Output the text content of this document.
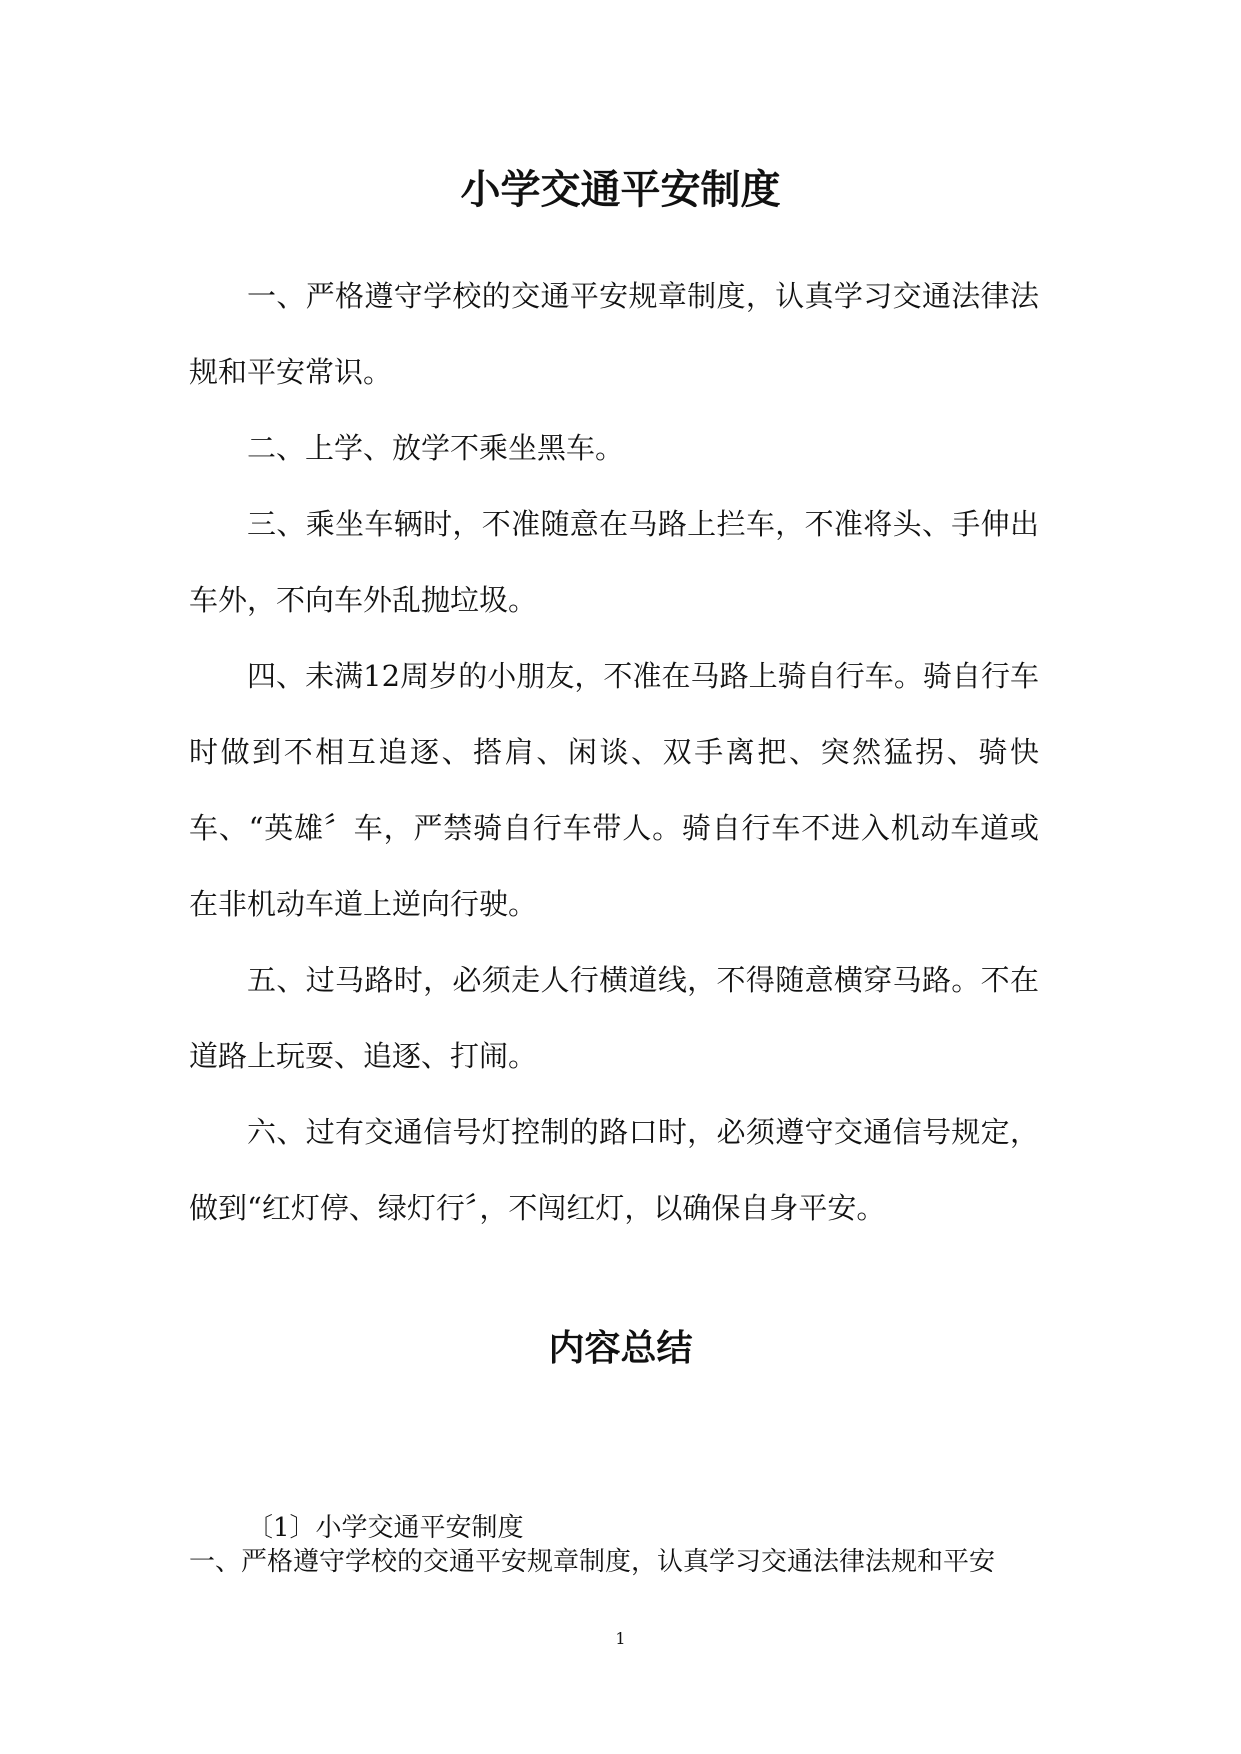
小学交通平安制度

一、严格遵守学校的交通平安规章制度，认真学习交通法律法规和平安常识。

二、上学、放学不乘坐黑车。

三、乘坐车辆时，不准随意在马路上拦车，不准将头、手伸出车外，不向车外乱抛垃圾。

四、未满12周岁的小朋友，不准在马路上骑自行车。骑自行车时做到不相互追逐、搭肩、闲谈、双手离把、突然猛拐、骑快车、“英雄〞车，严禁骑自行车带人。骑自行车不进入机动车道或在非机动车道上逆向行驶。

五、过马路时，必须走人行横道线，不得随意横穿马路。不在道路上玩耍、追逐、打闹。

六、过有交通信号灯控制的路口时，必须遵守交通信号规定，做到“红灯停、绿灯行〞，不闯红灯，以确保自身平安。

内容总结

〔1〕小学交通平安制度

一、严格遵守学校的交通平安规章制度，认真学习交通法律法规和平安

1
